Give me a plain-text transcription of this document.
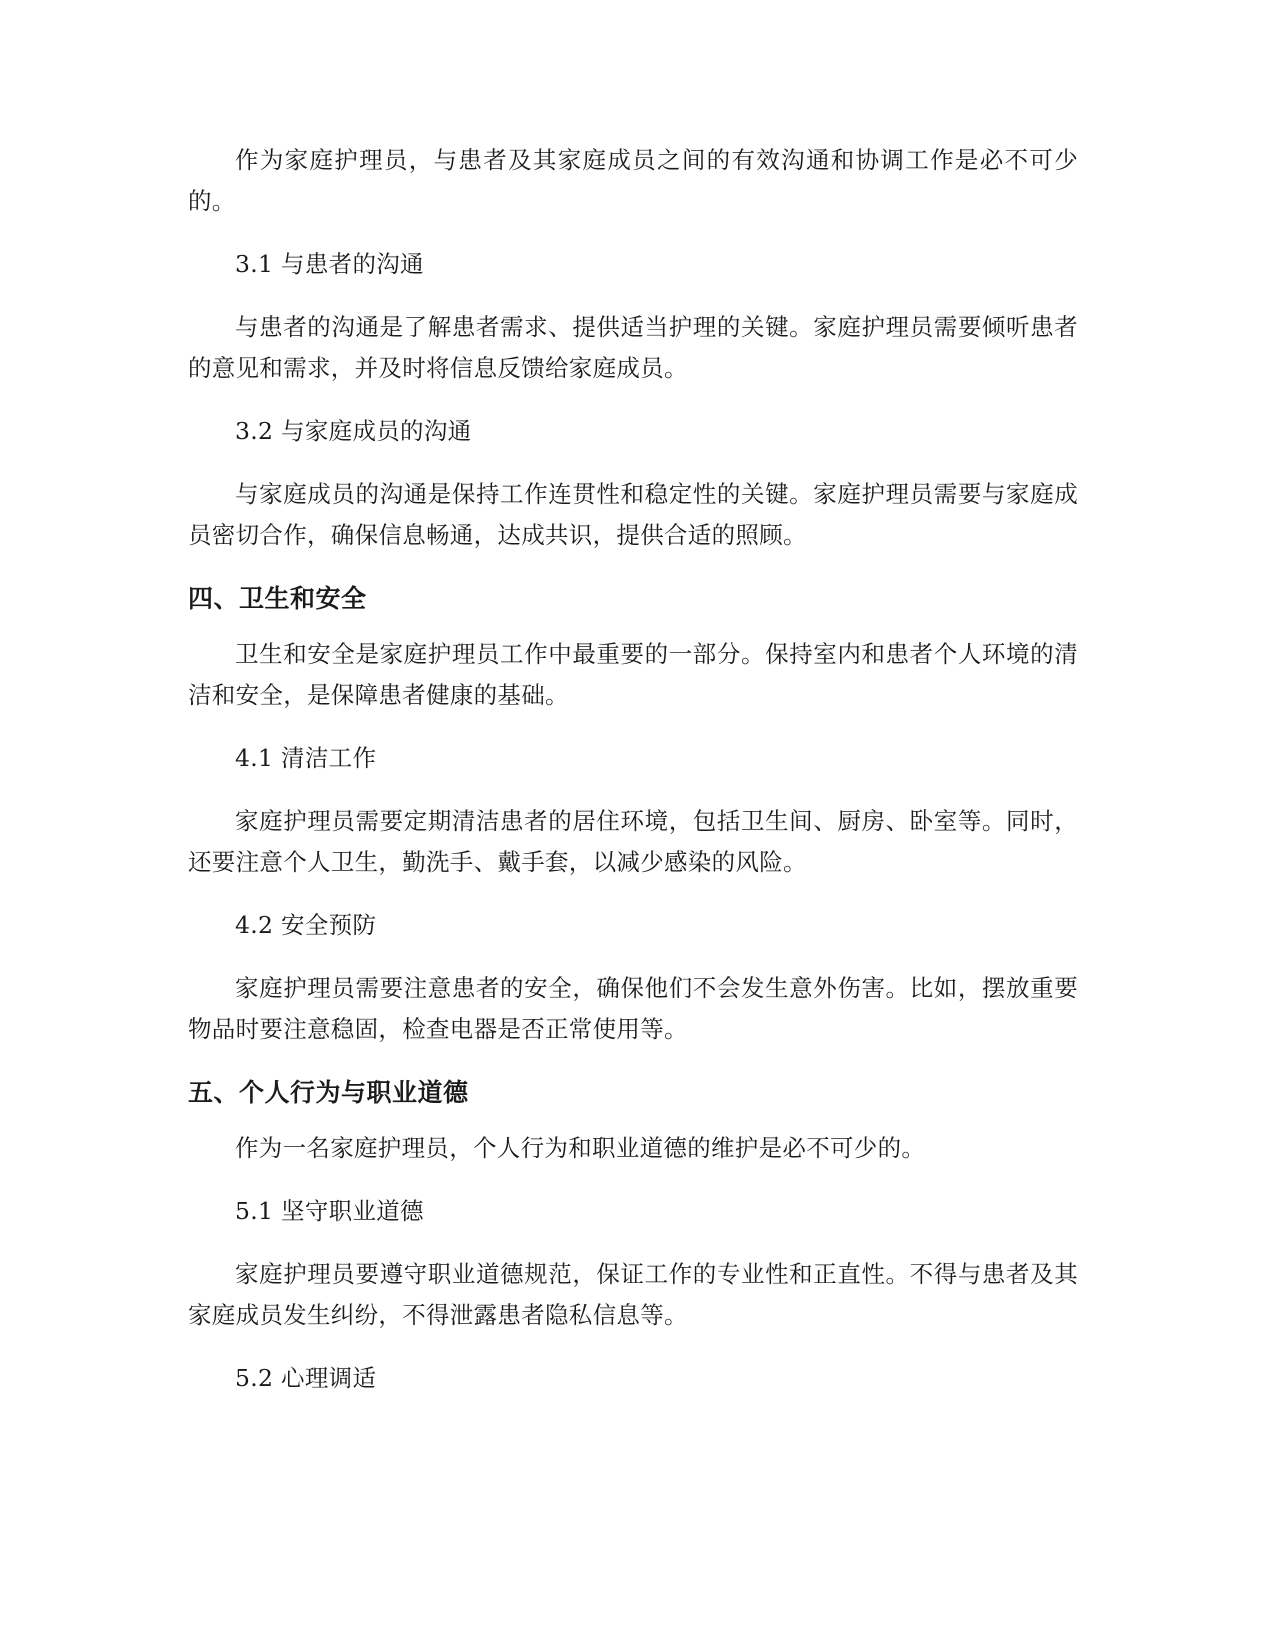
作为家庭护理员，与患者及其家庭成员之间的有效沟通和协调工作是必不可少的。

3.1 与患者的沟通

与患者的沟通是了解患者需求、提供适当护理的关键。家庭护理员需要倾听患者的意见和需求，并及时将信息反馈给家庭成员。

3.2 与家庭成员的沟通

与家庭成员的沟通是保持工作连贯性和稳定性的关键。家庭护理员需要与家庭成员密切合作，确保信息畅通，达成共识，提供合适的照顾。

四、卫生和安全

卫生和安全是家庭护理员工作中最重要的一部分。保持室内和患者个人环境的清洁和安全，是保障患者健康的基础。

4.1 清洁工作

家庭护理员需要定期清洁患者的居住环境，包括卫生间、厨房、卧室等。同时，还要注意个人卫生，勤洗手、戴手套，以减少感染的风险。

4.2 安全预防

家庭护理员需要注意患者的安全，确保他们不会发生意外伤害。比如，摆放重要物品时要注意稳固，检查电器是否正常使用等。

五、个人行为与职业道德

作为一名家庭护理员，个人行为和职业道德的维护是必不可少的。

5.1 坚守职业道德

家庭护理员要遵守职业道德规范，保证工作的专业性和正直性。不得与患者及其家庭成员发生纠纷，不得泄露患者隐私信息等。

5.2 心理调适
